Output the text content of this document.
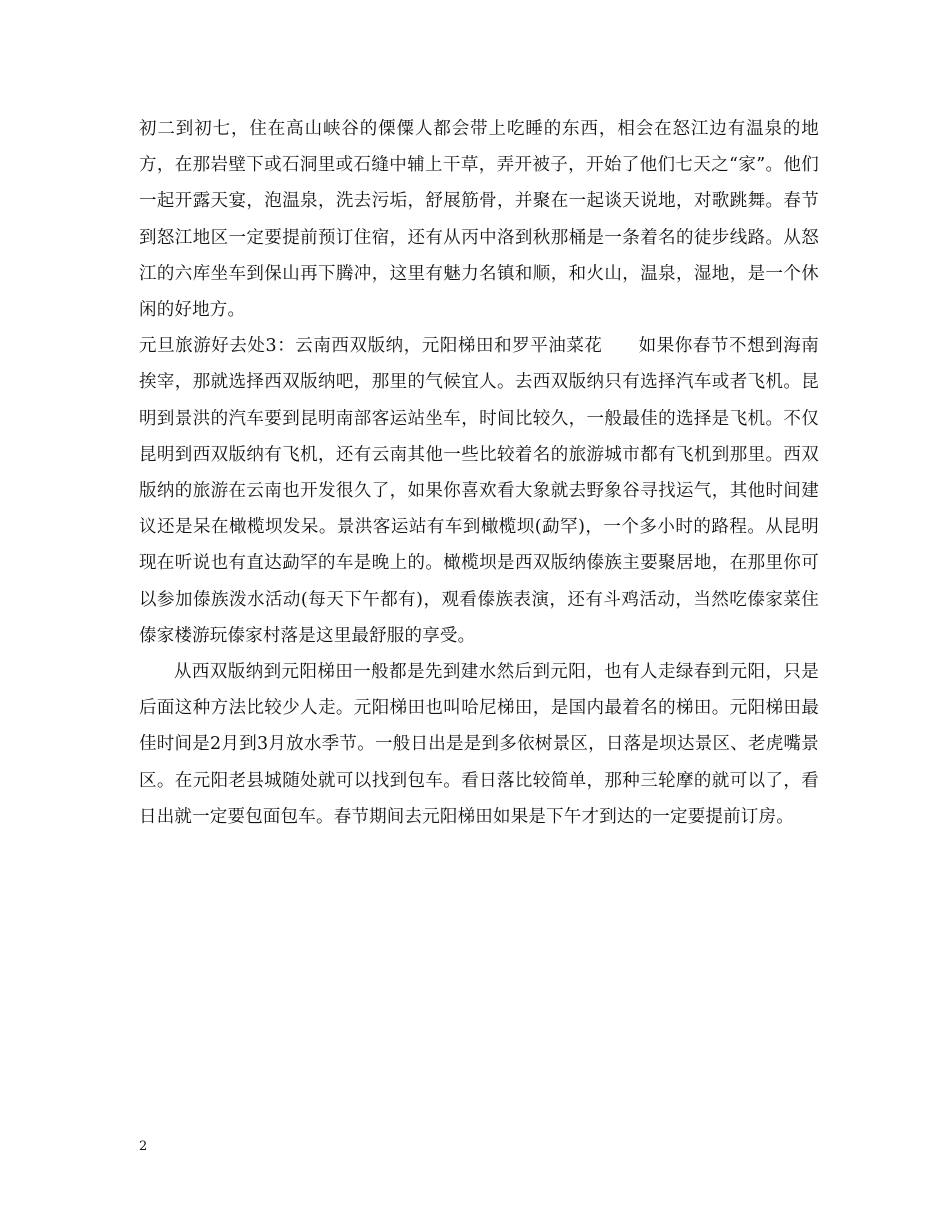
初二到初七，住在高山峡谷的傈僳人都会带上吃睡的东西，相会在怒江边有温泉的地方，在那岩壁下或石洞里或石缝中辅上干草，弄开被子，开始了他们七天之“家”。他们一起开露天宴，泡温泉，洗去污垢，舒展筋骨，并聚在一起谈天说地，对歌跳舞。春节到怒江地区一定要提前预订住宿，还有从丙中洛到秋那桶是一条着名的徒步线路。从怒江的六库坐车到保山再下腾冲，这里有魅力名镇和顺，和火山，温泉，湿地，是一个休闲的好地方。

元旦旅游好去处3：云南西双版纳，元阳梯田和罗平油菜花　　如果你春节不想到海南挨宰，那就选择西双版纳吧，那里的气候宜人。去西双版纳只有选择汽车或者飞机。昆明到景洪的汽车要到昆明南部客运站坐车，时间比较久，一般最佳的选择是飞机。不仅昆明到西双版纳有飞机，还有云南其他一些比较着名的旅游城市都有飞机到那里。西双版纳的旅游在云南也开发很久了，如果你喜欢看大象就去野象谷寻找运气，其他时间建议还是呆在橄榄坝发呆。景洪客运站有车到橄榄坝(勐罕)，一个多小时的路程。从昆明现在听说也有直达勐罕的车是晚上的。橄榄坝是西双版纳傣族主要聚居地，在那里你可以参加傣族泼水活动(每天下午都有)，观看傣族表演，还有斗鸡活动，当然吃傣家菜住傣家楼游玩傣家村落是这里最舒服的享受。

从西双版纳到元阳梯田一般都是先到建水然后到元阳，也有人走绿春到元阳，只是后面这种方法比较少人走。元阳梯田也叫哈尼梯田，是国内最着名的梯田。元阳梯田最佳时间是2月到3月放水季节。一般日出是是到多依树景区，日落是坝达景区、老虎嘴景区。在元阳老县城随处就可以找到包车。看日落比较简单，那种三轮摩的就可以了，看日出就一定要包面包车。春节期间去元阳梯田如果是下午才到达的一定要提前订房。

2
